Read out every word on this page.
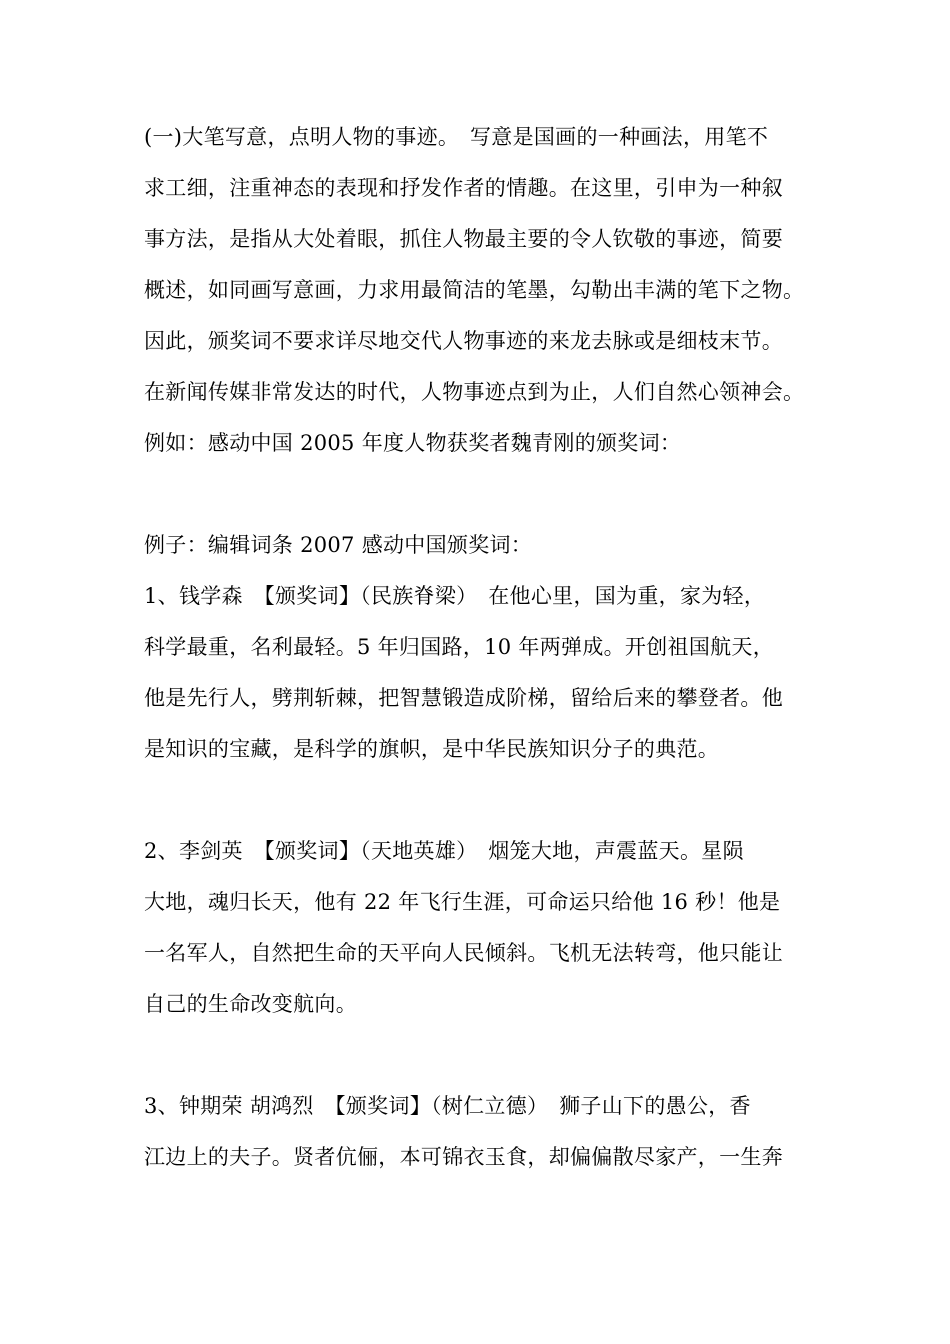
(一)大笔写意，点明人物的事迹。　写意是国画的一种画法，用笔不
求工细，注重神态的表现和抒发作者的情趣。在这里，引申为一种叙
事方法，是指从大处着眼，抓住人物最主要的令人钦敬的事迹，简要
概述，如同画写意画，力求用最简洁的笔墨，勾勒出丰满的笔下之物。
因此，颁奖词不要求详尽地交代人物事迹的来龙去脉或是细枝末节。
在新闻传媒非常发达的时代，人物事迹点到为止，人们自然心领神会。
例如：感动中国 2005 年度人物获奖者魏青刚的颁奖词：
例子：编辑词条 2007 感动中国颁奖词：
1、钱学森　【颁奖词】（民族脊梁）　在他心里，国为重，家为轻，
科学最重，名利最轻。5 年归国路，10 年两弹成。开创祖国航天，
他是先行人，劈荆斩棘，把智慧锻造成阶梯，留给后来的攀登者。他
是知识的宝藏，是科学的旗帜，是中华民族知识分子的典范。
2、李剑英　【颁奖词】（天地英雄）　烟笼大地，声震蓝天。星陨
大地，魂归长天，他有 22 年飞行生涯，可命运只给他 16 秒！他是
一名军人，自然把生命的天平向人民倾斜。飞机无法转弯，他只能让
自己的生命改变航向。
3、钟期荣 胡鸿烈　【颁奖词】（树仁立德）　狮子山下的愚公，香
江边上的夫子。贤者伉俪，本可锦衣玉食，却偏偏散尽家产，一生奔
